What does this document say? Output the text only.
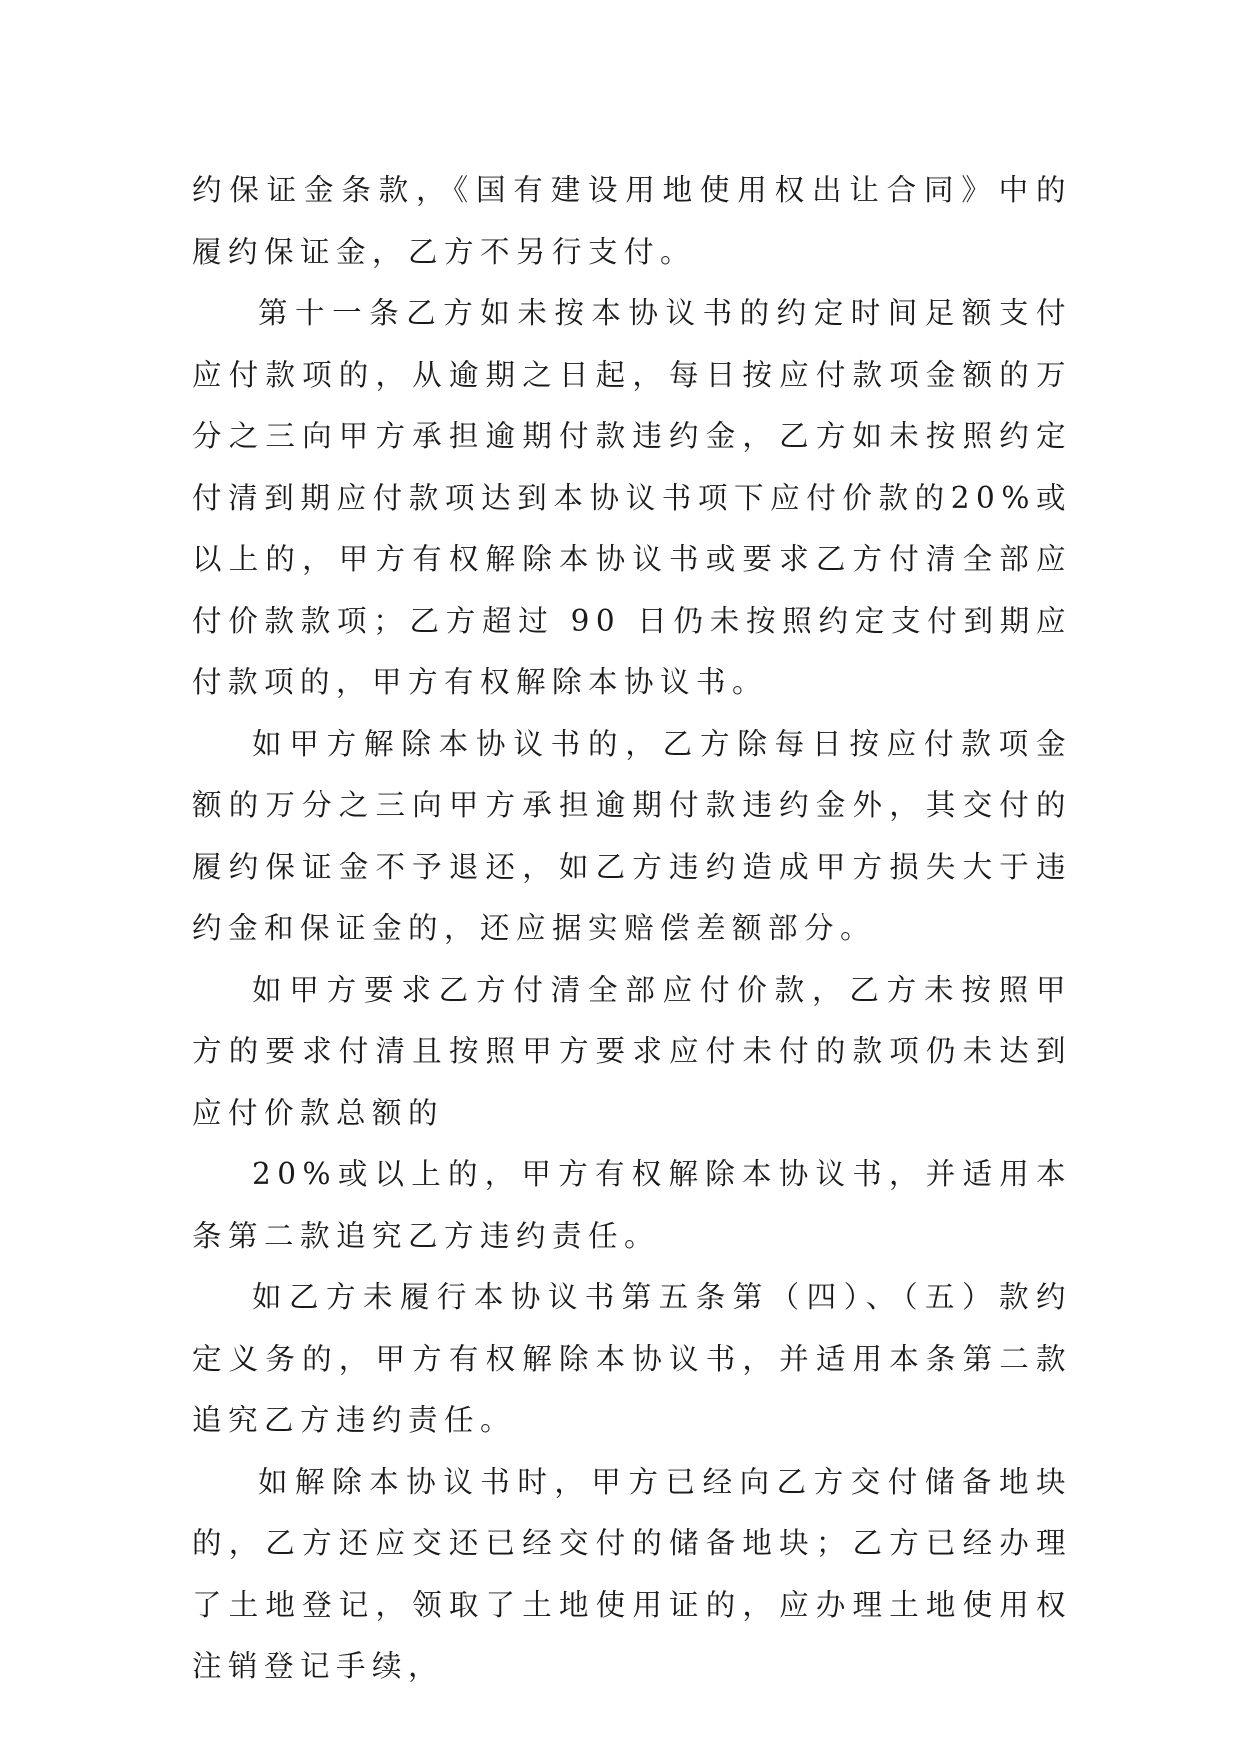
约保证金条款，《国有建设用地使用权出让合同》中的履约保证金，乙方不另行支付。

第十一条乙方如未按本协议书的约定时间足额支付应付款项的，从逾期之日起，每日按应付款项金额的万分之三向甲方承担逾期付款违约金，乙方如未按照约定付清到期应付款项达到本协议书项下应付价款的20%或以上的，甲方有权解除本协议书或要求乙方付清全部应付价款款项；乙方超过 90 日仍未按照约定支付到期应付款项的，甲方有权解除本协议书。

如甲方解除本协议书的，乙方除每日按应付款项金额的万分之三向甲方承担逾期付款违约金外，其交付的履约保证金不予退还，如乙方违约造成甲方损失大于违约金和保证金的，还应据实赔偿差额部分。

如甲方要求乙方付清全部应付价款，乙方未按照甲方的要求付清且按照甲方要求应付未付的款项仍未达到应付价款总额的

20%或以上的，甲方有权解除本协议书，并适用本条第二款追究乙方违约责任。

如乙方未履行本协议书第五条第（四）、（五）款约定义务的，甲方有权解除本协议书，并适用本条第二款追究乙方违约责任。

如解除本协议书时，甲方已经向乙方交付储备地块的，乙方还应交还已经交付的储备地块；乙方已经办理了土地登记，领取了土地使用证的，应办理土地使用权注销登记手续，
